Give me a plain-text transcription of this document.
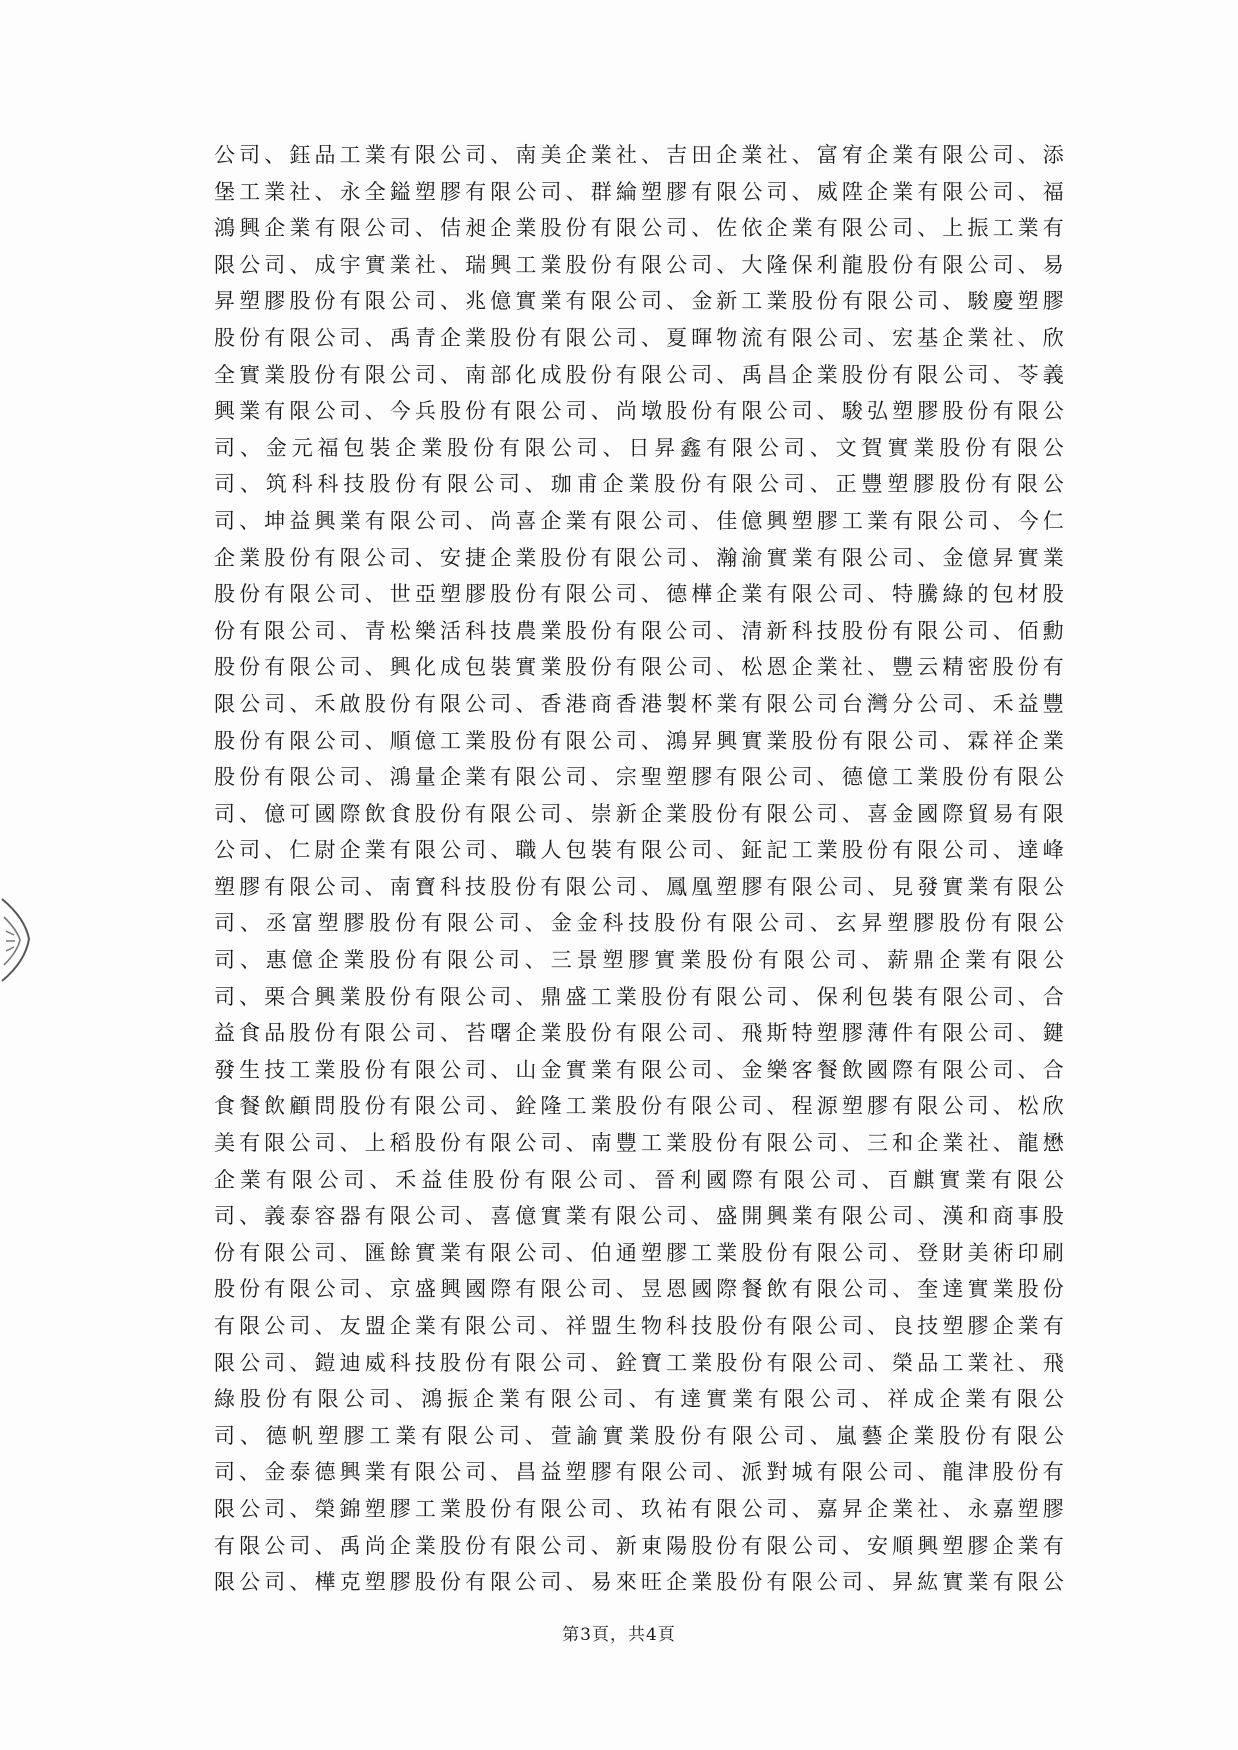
公司、鈺品工業有限公司、南美企業社、吉田企業社、富宥企業有限公司、添
堡工業社、永全鎰塑膠有限公司、群綸塑膠有限公司、威陞企業有限公司、福
鴻興企業有限公司、佶昶企業股份有限公司、佐依企業有限公司、上振工業有
限公司、成宇實業社、瑞興工業股份有限公司、大隆保利龍股份有限公司、易
昇塑膠股份有限公司、兆億實業有限公司、金新工業股份有限公司、駿慶塑膠
股份有限公司、禹青企業股份有限公司、夏暉物流有限公司、宏基企業社、欣
全實業股份有限公司、南部化成股份有限公司、禹昌企業股份有限公司、苓義
興業有限公司、今兵股份有限公司、尚墩股份有限公司、駿弘塑膠股份有限公
司、金元福包裝企業股份有限公司、日昇鑫有限公司、文賀實業股份有限公
司、筑科科技股份有限公司、珈甫企業股份有限公司、正豐塑膠股份有限公
司、坤益興業有限公司、尚喜企業有限公司、佳億興塑膠工業有限公司、今仁
企業股份有限公司、安捷企業股份有限公司、瀚渝實業有限公司、金億昇實業
股份有限公司、世亞塑膠股份有限公司、德樺企業有限公司、特騰綠的包材股
份有限公司、青松樂活科技農業股份有限公司、清新科技股份有限公司、佰勳
股份有限公司、興化成包裝實業股份有限公司、松恩企業社、豐云精密股份有
限公司、禾啟股份有限公司、香港商香港製杯業有限公司台灣分公司、禾益豐
股份有限公司、順億工業股份有限公司、鴻昇興實業股份有限公司、霖祥企業
股份有限公司、鴻量企業有限公司、宗聖塑膠有限公司、德億工業股份有限公
司、億可國際飲食股份有限公司、崇新企業股份有限公司、喜金國際貿易有限
公司、仁尉企業有限公司、職人包裝有限公司、鉦記工業股份有限公司、達峰
塑膠有限公司、南寶科技股份有限公司、鳳凰塑膠有限公司、見發實業有限公
司、丞富塑膠股份有限公司、金金科技股份有限公司、玄昇塑膠股份有限公
司、惠億企業股份有限公司、三景塑膠實業股份有限公司、薪鼎企業有限公
司、栗合興業股份有限公司、鼎盛工業股份有限公司、保利包裝有限公司、合
益食品股份有限公司、苔曙企業股份有限公司、飛斯特塑膠薄件有限公司、鍵
發生技工業股份有限公司、山金實業有限公司、金樂客餐飲國際有限公司、合
食餐飲顧問股份有限公司、銓隆工業股份有限公司、程源塑膠有限公司、松欣
美有限公司、上稻股份有限公司、南豐工業股份有限公司、三和企業社、龍懋
企業有限公司、禾益佳股份有限公司、晉利國際有限公司、百麒實業有限公
司、義泰容器有限公司、喜億實業有限公司、盛開興業有限公司、漢和商事股
份有限公司、匯餘實業有限公司、伯通塑膠工業股份有限公司、登財美術印刷
股份有限公司、京盛興國際有限公司、昱恩國際餐飲有限公司、奎達實業股份
有限公司、友盟企業有限公司、祥盟生物科技股份有限公司、良技塑膠企業有
限公司、鎧迪威科技股份有限公司、銓寶工業股份有限公司、榮品工業社、飛
綠股份有限公司、鴻振企業有限公司、有達實業有限公司、祥成企業有限公
司、德帆塑膠工業有限公司、萱諭實業股份有限公司、嵐藝企業股份有限公
司、金泰德興業有限公司、昌益塑膠有限公司、派對城有限公司、龍津股份有
限公司、榮錦塑膠工業股份有限公司、玖祐有限公司、嘉昇企業社、永嘉塑膠
有限公司、禹尚企業股份有限公司、新東陽股份有限公司、安順興塑膠企業有
限公司、樺克塑膠股份有限公司、易來旺企業股份有限公司、昇紘實業有限公
第3頁，共4頁
